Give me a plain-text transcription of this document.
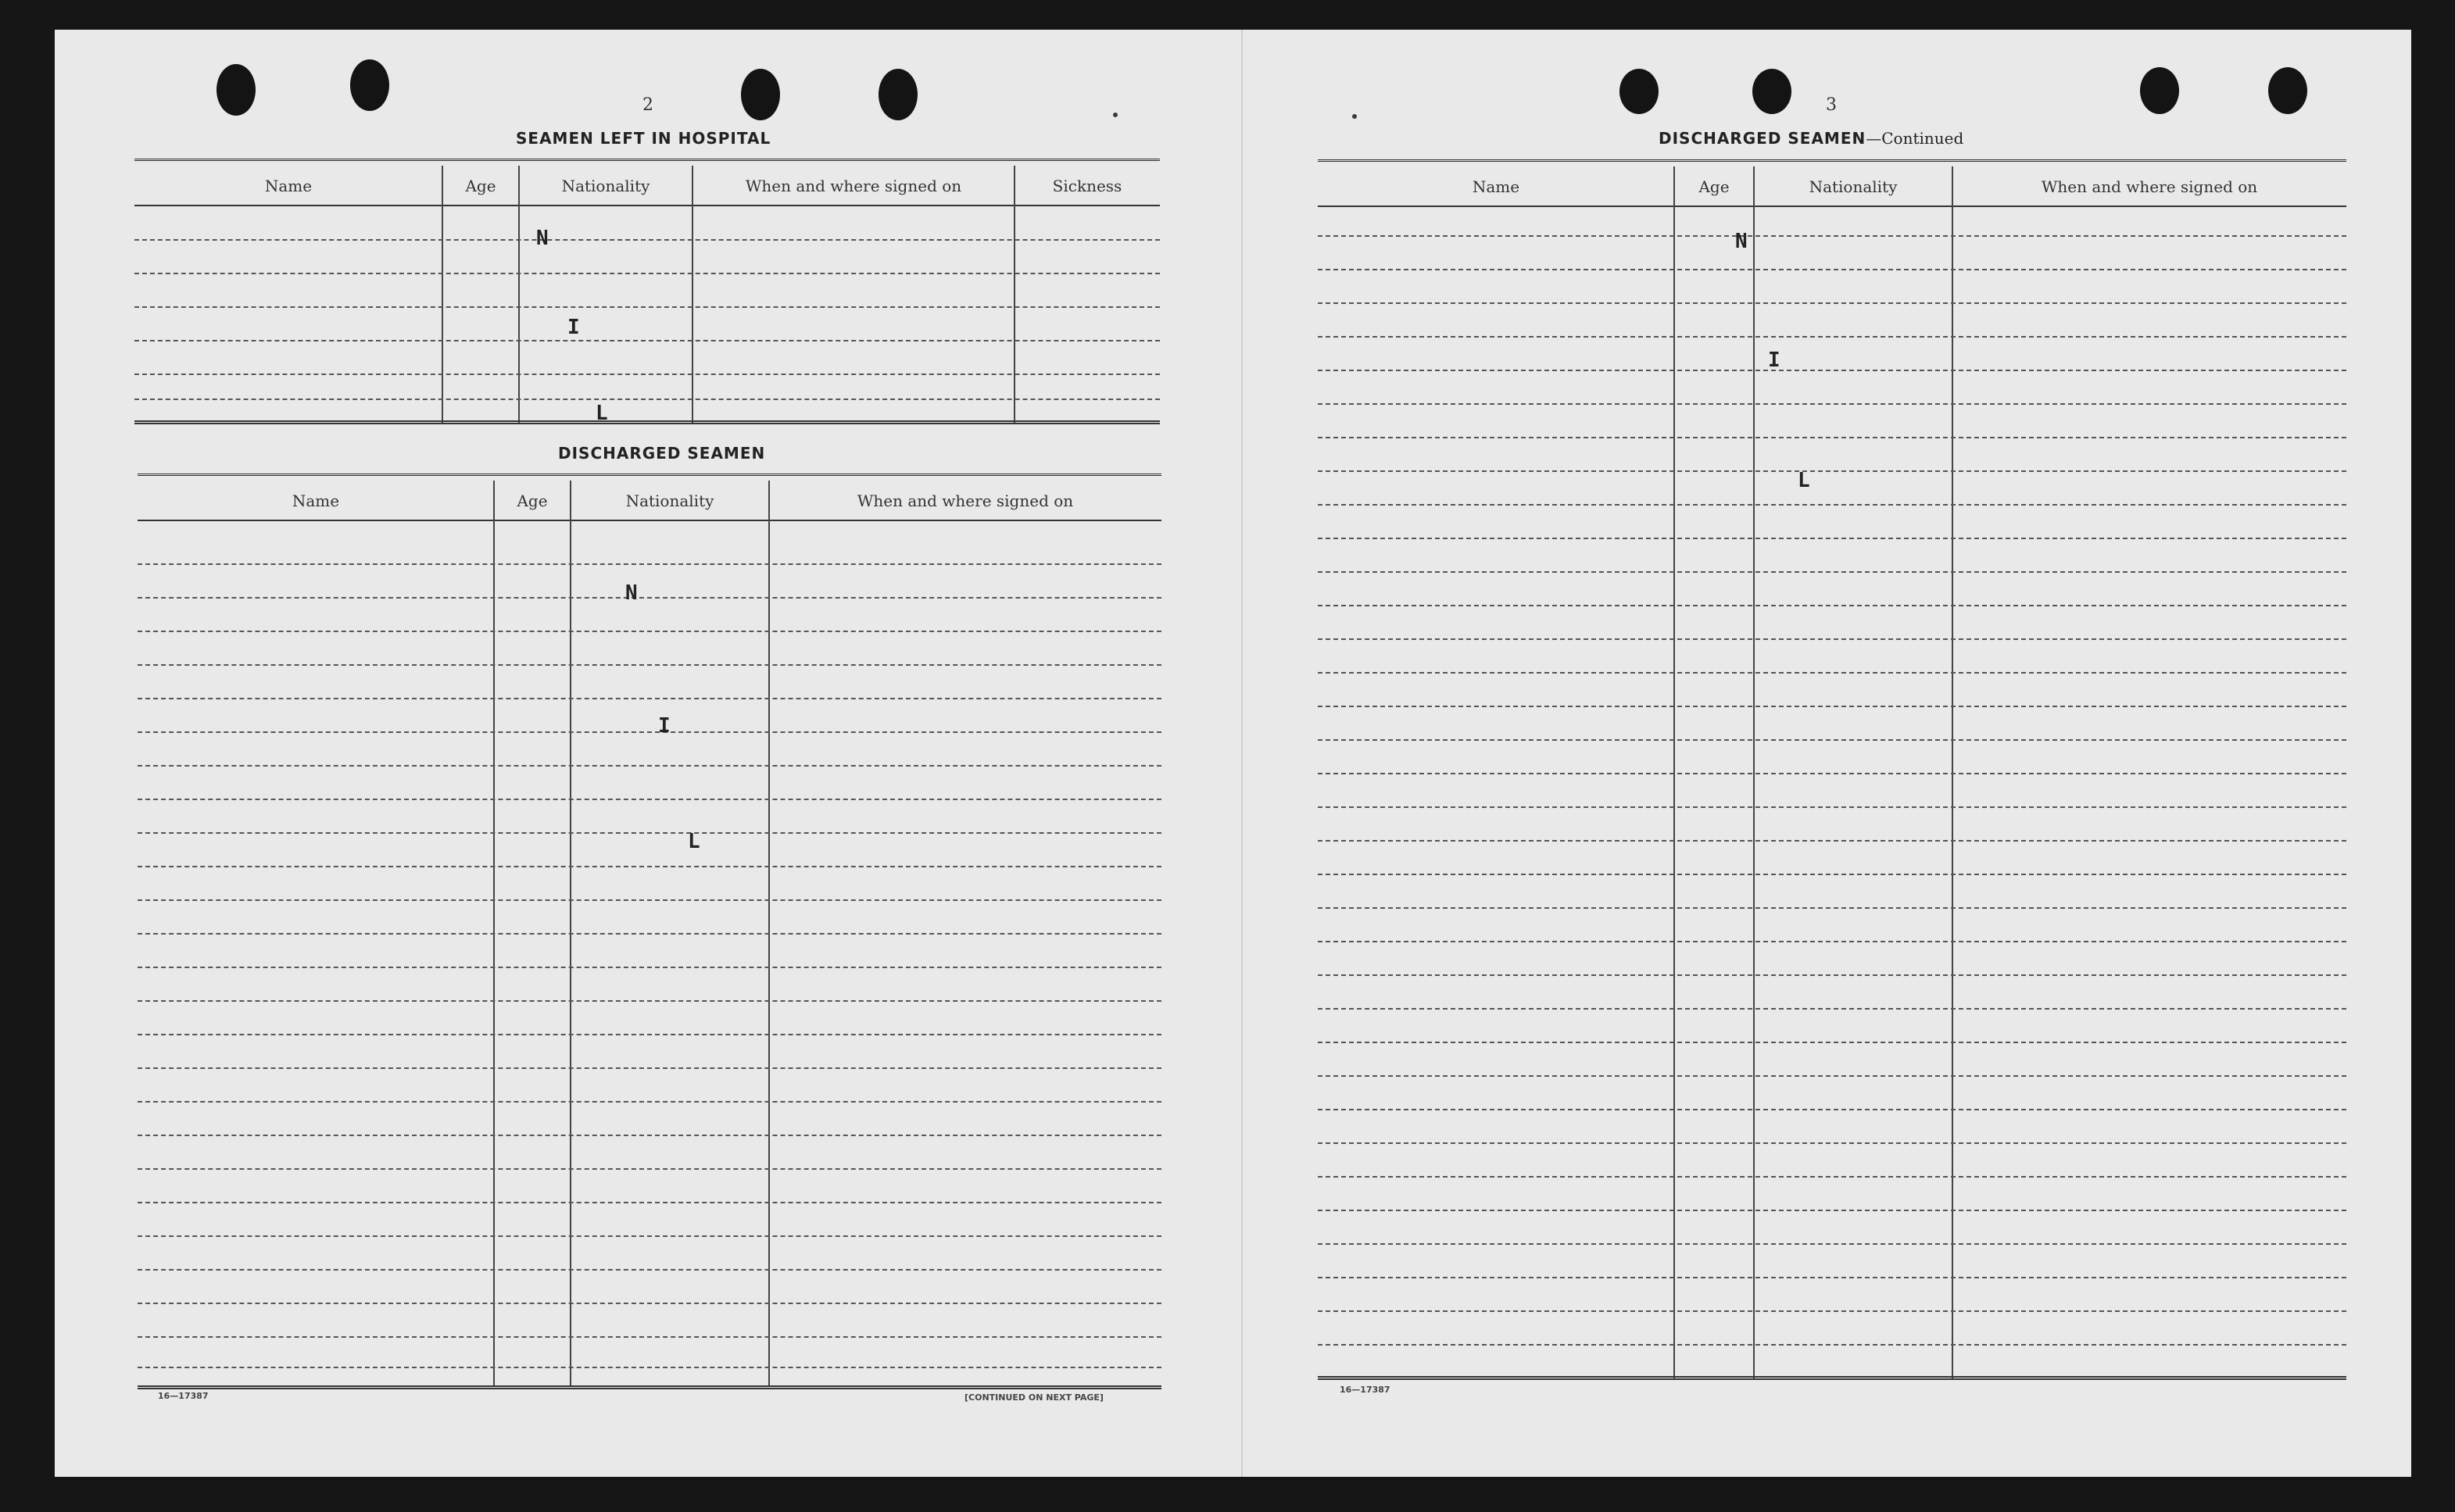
2
SEAMEN LEFT IN HOSPITAL
Name	Age	Nationality	When and where signed on	Sickness
N
I
L
DISCHARGED SEAMEN
Name	Age	Nationality	When and where signed on
N
I
L
16—17387	[CONTINUED ON NEXT PAGE]
3
DISCHARGED SEAMEN—Continued
Name	Age	Nationality	When and where signed on
N
I
L
16—17387
